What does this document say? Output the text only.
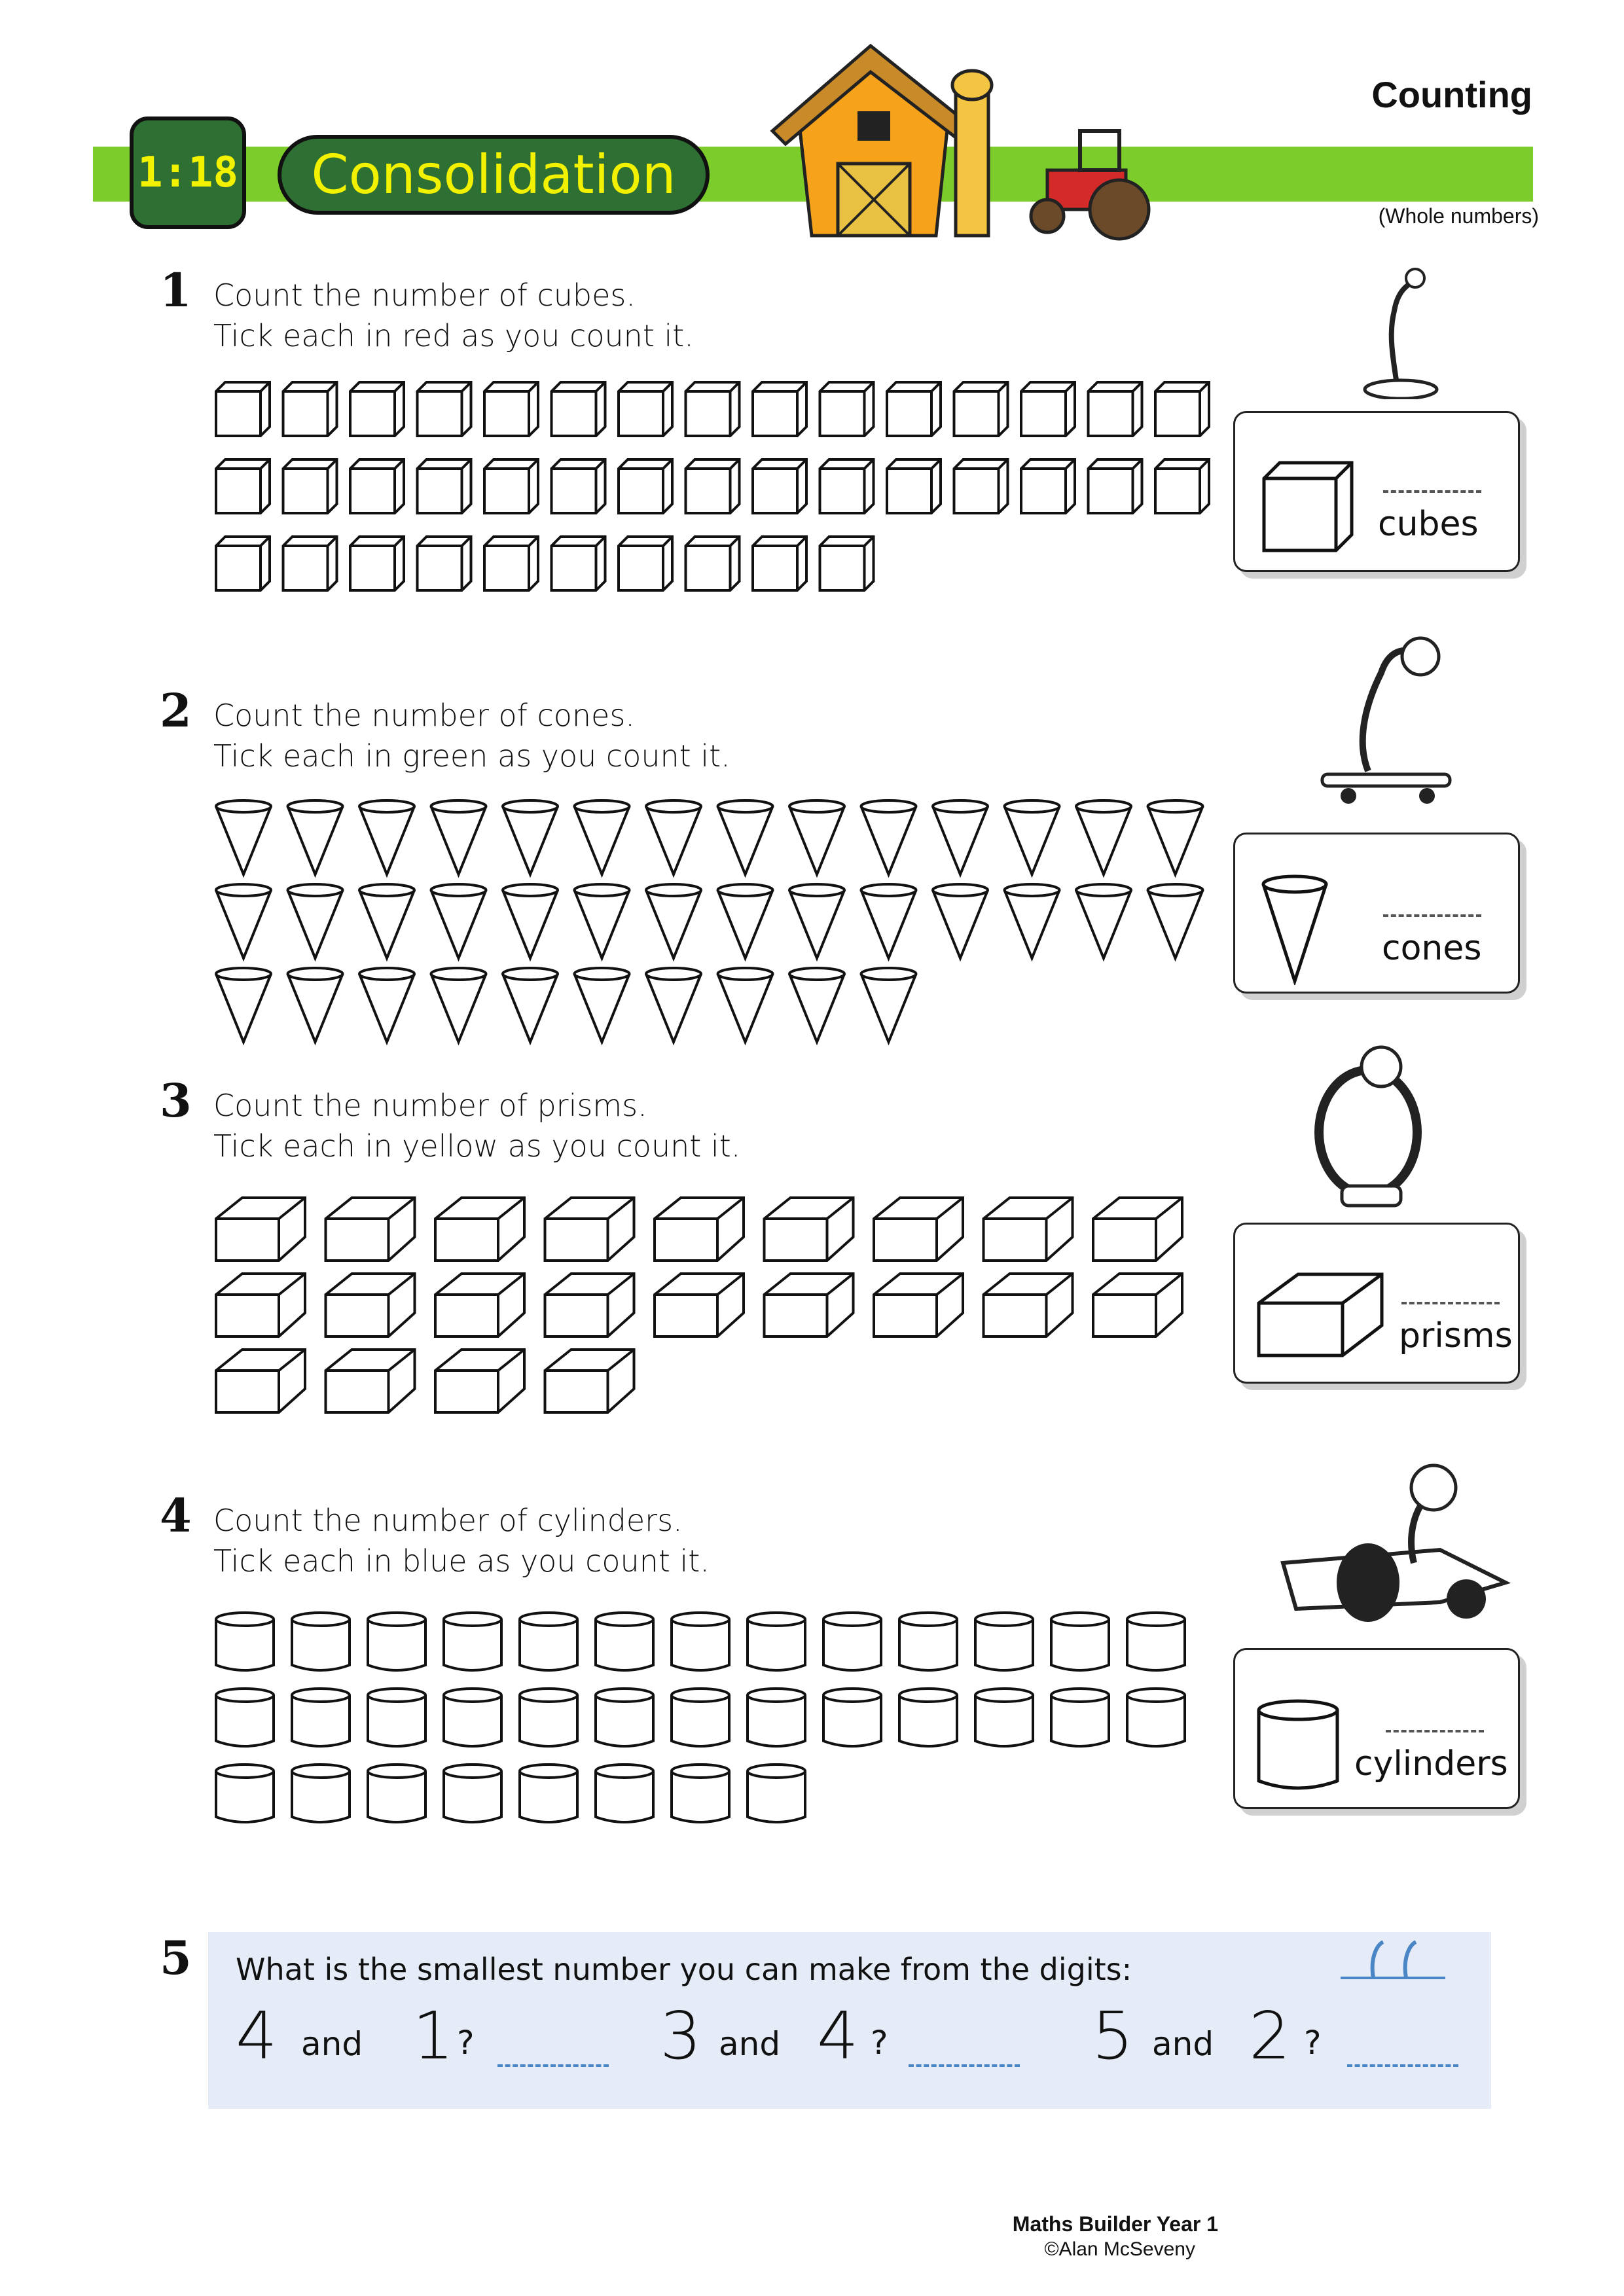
1:18	Consolidation
Counting
(Whole numbers)
1 Count the number of cubes.
Tick each in red as you count it.
cubes
2 Count the number of cones.
Tick each in green as you count it.
cones
3 Count the number of prisms.
Tick each in yellow as you count it.
prisms
4 Count the number of cylinders.
Tick each in blue as you count it.
cylinders
5 What is the smallest number you can make from the digits:
4 and 1 ?	3 and 4 ?	5 and 2 ?
Maths Builder Year 1
©Alan McSeveny
